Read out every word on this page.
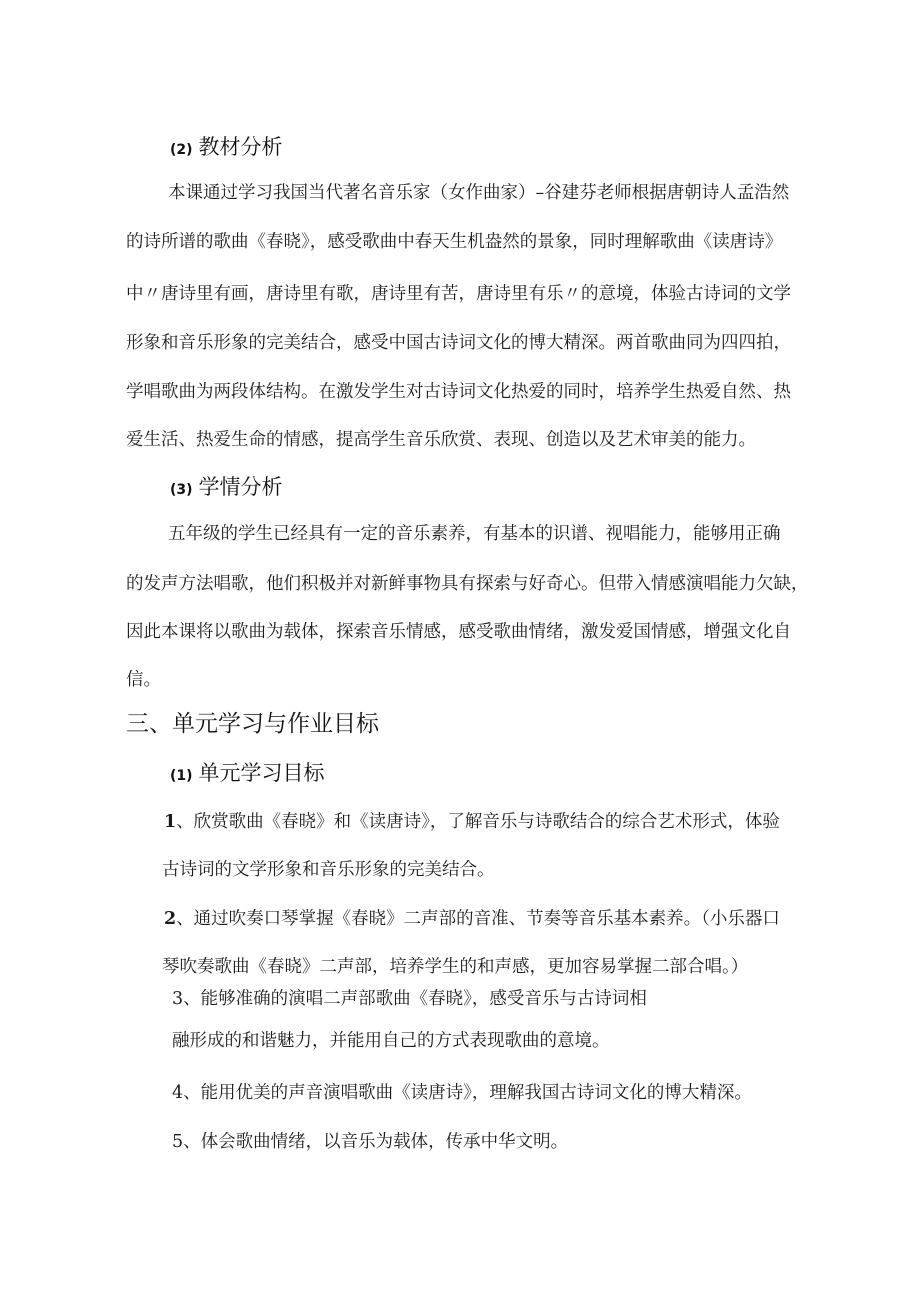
(2) 教材分析
本课通过学习我国当代著名音乐家（女作曲家）–谷建芬老师根据唐朝诗人孟浩然
的诗所谱的歌曲《春晓》，感受歌曲中春天生机盎然的景象，同时理解歌曲《读唐诗》
中〃唐诗里有画，唐诗里有歌，唐诗里有苦，唐诗里有乐〃的意境，体验古诗词的文学
形象和音乐形象的完美结合，感受中国古诗词文化的博大精深。两首歌曲同为四四拍，
学唱歌曲为两段体结构。在激发学生对古诗词文化热爱的同时，培养学生热爱自然、热
爱生活、热爱生命的情感，提高学生音乐欣赏、表现、创造以及艺术审美的能力。
(3) 学情分析
五年级的学生已经具有一定的音乐素养，有基本的识谱、视唱能力，能够用正确
的发声方法唱歌，他们积极并对新鲜事物具有探索与好奇心。但带入情感演唱能力欠缺，
因此本课将以歌曲为载体，探索音乐情感，感受歌曲情绪，激发爱国情感，增强文化自
信。
三、单元学习与作业目标
(1) 单元学习目标
1、欣赏歌曲《春晓》和《读唐诗》，了解音乐与诗歌结合的综合艺术形式，体验
古诗词的文学形象和音乐形象的完美结合。
2、通过吹奏口琴掌握《春晓》二声部的音准、节奏等音乐基本素养。（小乐器口
琴吹奏歌曲《春晓》二声部，培养学生的和声感，更加容易掌握二部合唱。）
3、能够准确的演唱二声部歌曲《春晓》，感受音乐与古诗词相
融形成的和谐魅力，并能用自己的方式表现歌曲的意境。
4、能用优美的声音演唱歌曲《读唐诗》，理解我国古诗词文化的博大精深。
5、体会歌曲情绪，以音乐为载体，传承中华文明。
